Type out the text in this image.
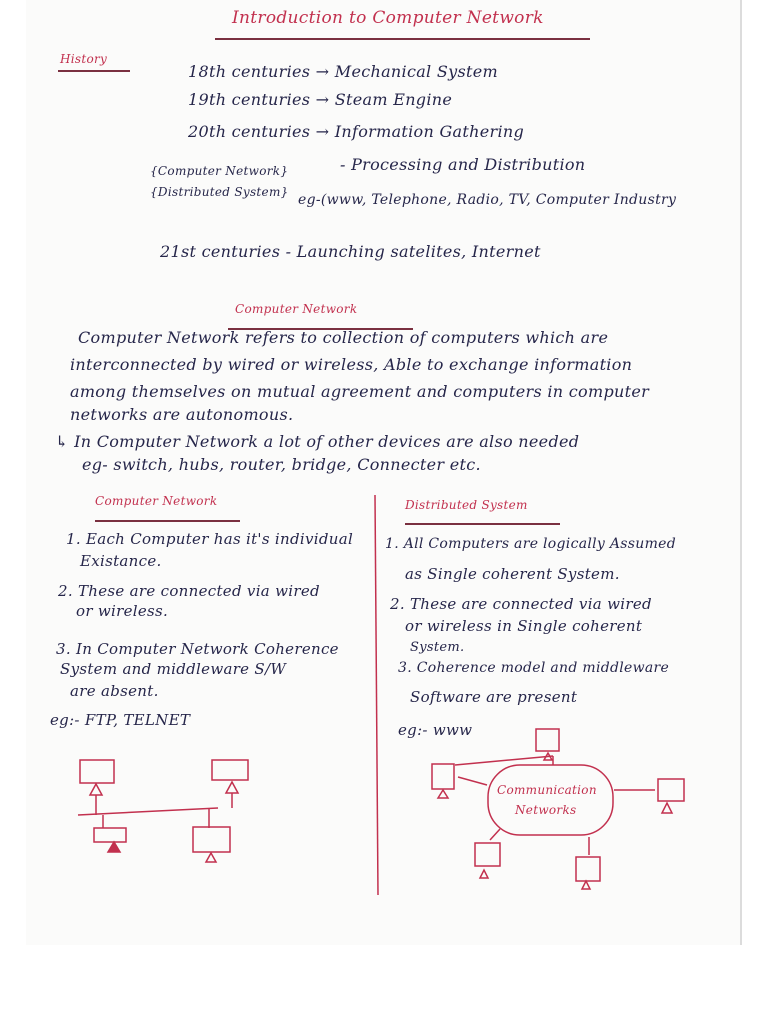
Introduction to Computer Network
History
18th centuries → Mechanical System
19th centuries → Steam Engine
20th centuries → Information Gathering
- Processing and Distribution
{Computer Network}
{Distributed System} eg-(www, Telephone, Radio, TV, Computer Industry
21st centuries - Launching satelites, Internet
Computer Network
Computer Network refers to collection of computers which are
interconnected by wired or wireless, Able to exchange information
among themselves on mutual agreement and computers in computer
networks are autonomous.
↳ In Computer Network a lot of other devices are also needed
eg- switch, hubs, router, bridge, Connecter etc.
Computer Network	Distributed System
1. Each Computer has it's individual
Existance.
2. These are connected via wired
or wireless.
3. In Computer Network Coherence
System and middleware S/W
are absent.
eg:- FTP, TELNET
1. All Computers are logically Assumed
as Single coherent System.
2. These are connected via wired
or wireless in Single coherent
System.
3. Coherence model and middleware
Software are present
eg:- www
Communication
Networks
